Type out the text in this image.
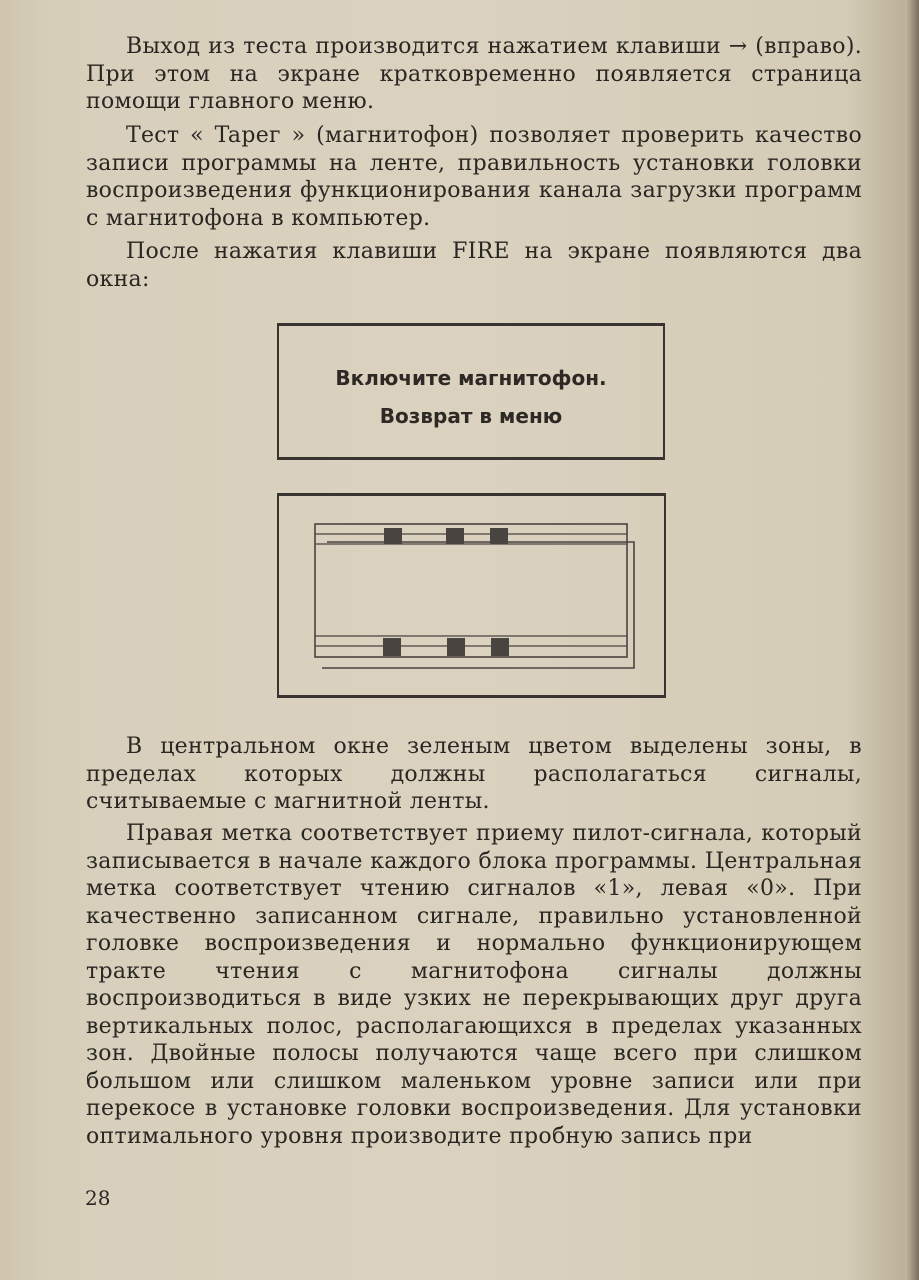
Выход из теста производится нажатием клавиши → (вправо). При этом на экране кратковременно появляется страница помощи главного меню.

Тест « Tapeг » (магнитофон) позволяет проверить качество записи программы на ленте, правильность установки головки воспроизведения функционирования канала загрузки программ с магнитофона в компьютер.

После нажатия клавиши FIRE на экране появляются два окна:

Включите магнитофон.
Возврат в меню

В центральном окне зеленым цветом выделены зоны, в пределах которых должны располагаться сигналы, считываемые с магнитной ленты.

Правая метка соответствует приему пилот-сигнала, который записывается в начале каждого блока программы. Центральная метка соответствует чтению сигналов «1», левая «0». При качественно записанном сигнале, правильно установленной головке воспроизведения и нормально функционирующем тракте чтения с магнитофона сигналы должны воспроизводиться в виде узких не перекрывающих друг друга вертикальных полос, располагающихся в пределах указанных зон. Двойные полосы получаются чаще всего при слишком большом или слишком маленьком уровне записи или при перекосе в установке головки воспроизведения. Для установки оптимального уровня производите пробную запись при

28
